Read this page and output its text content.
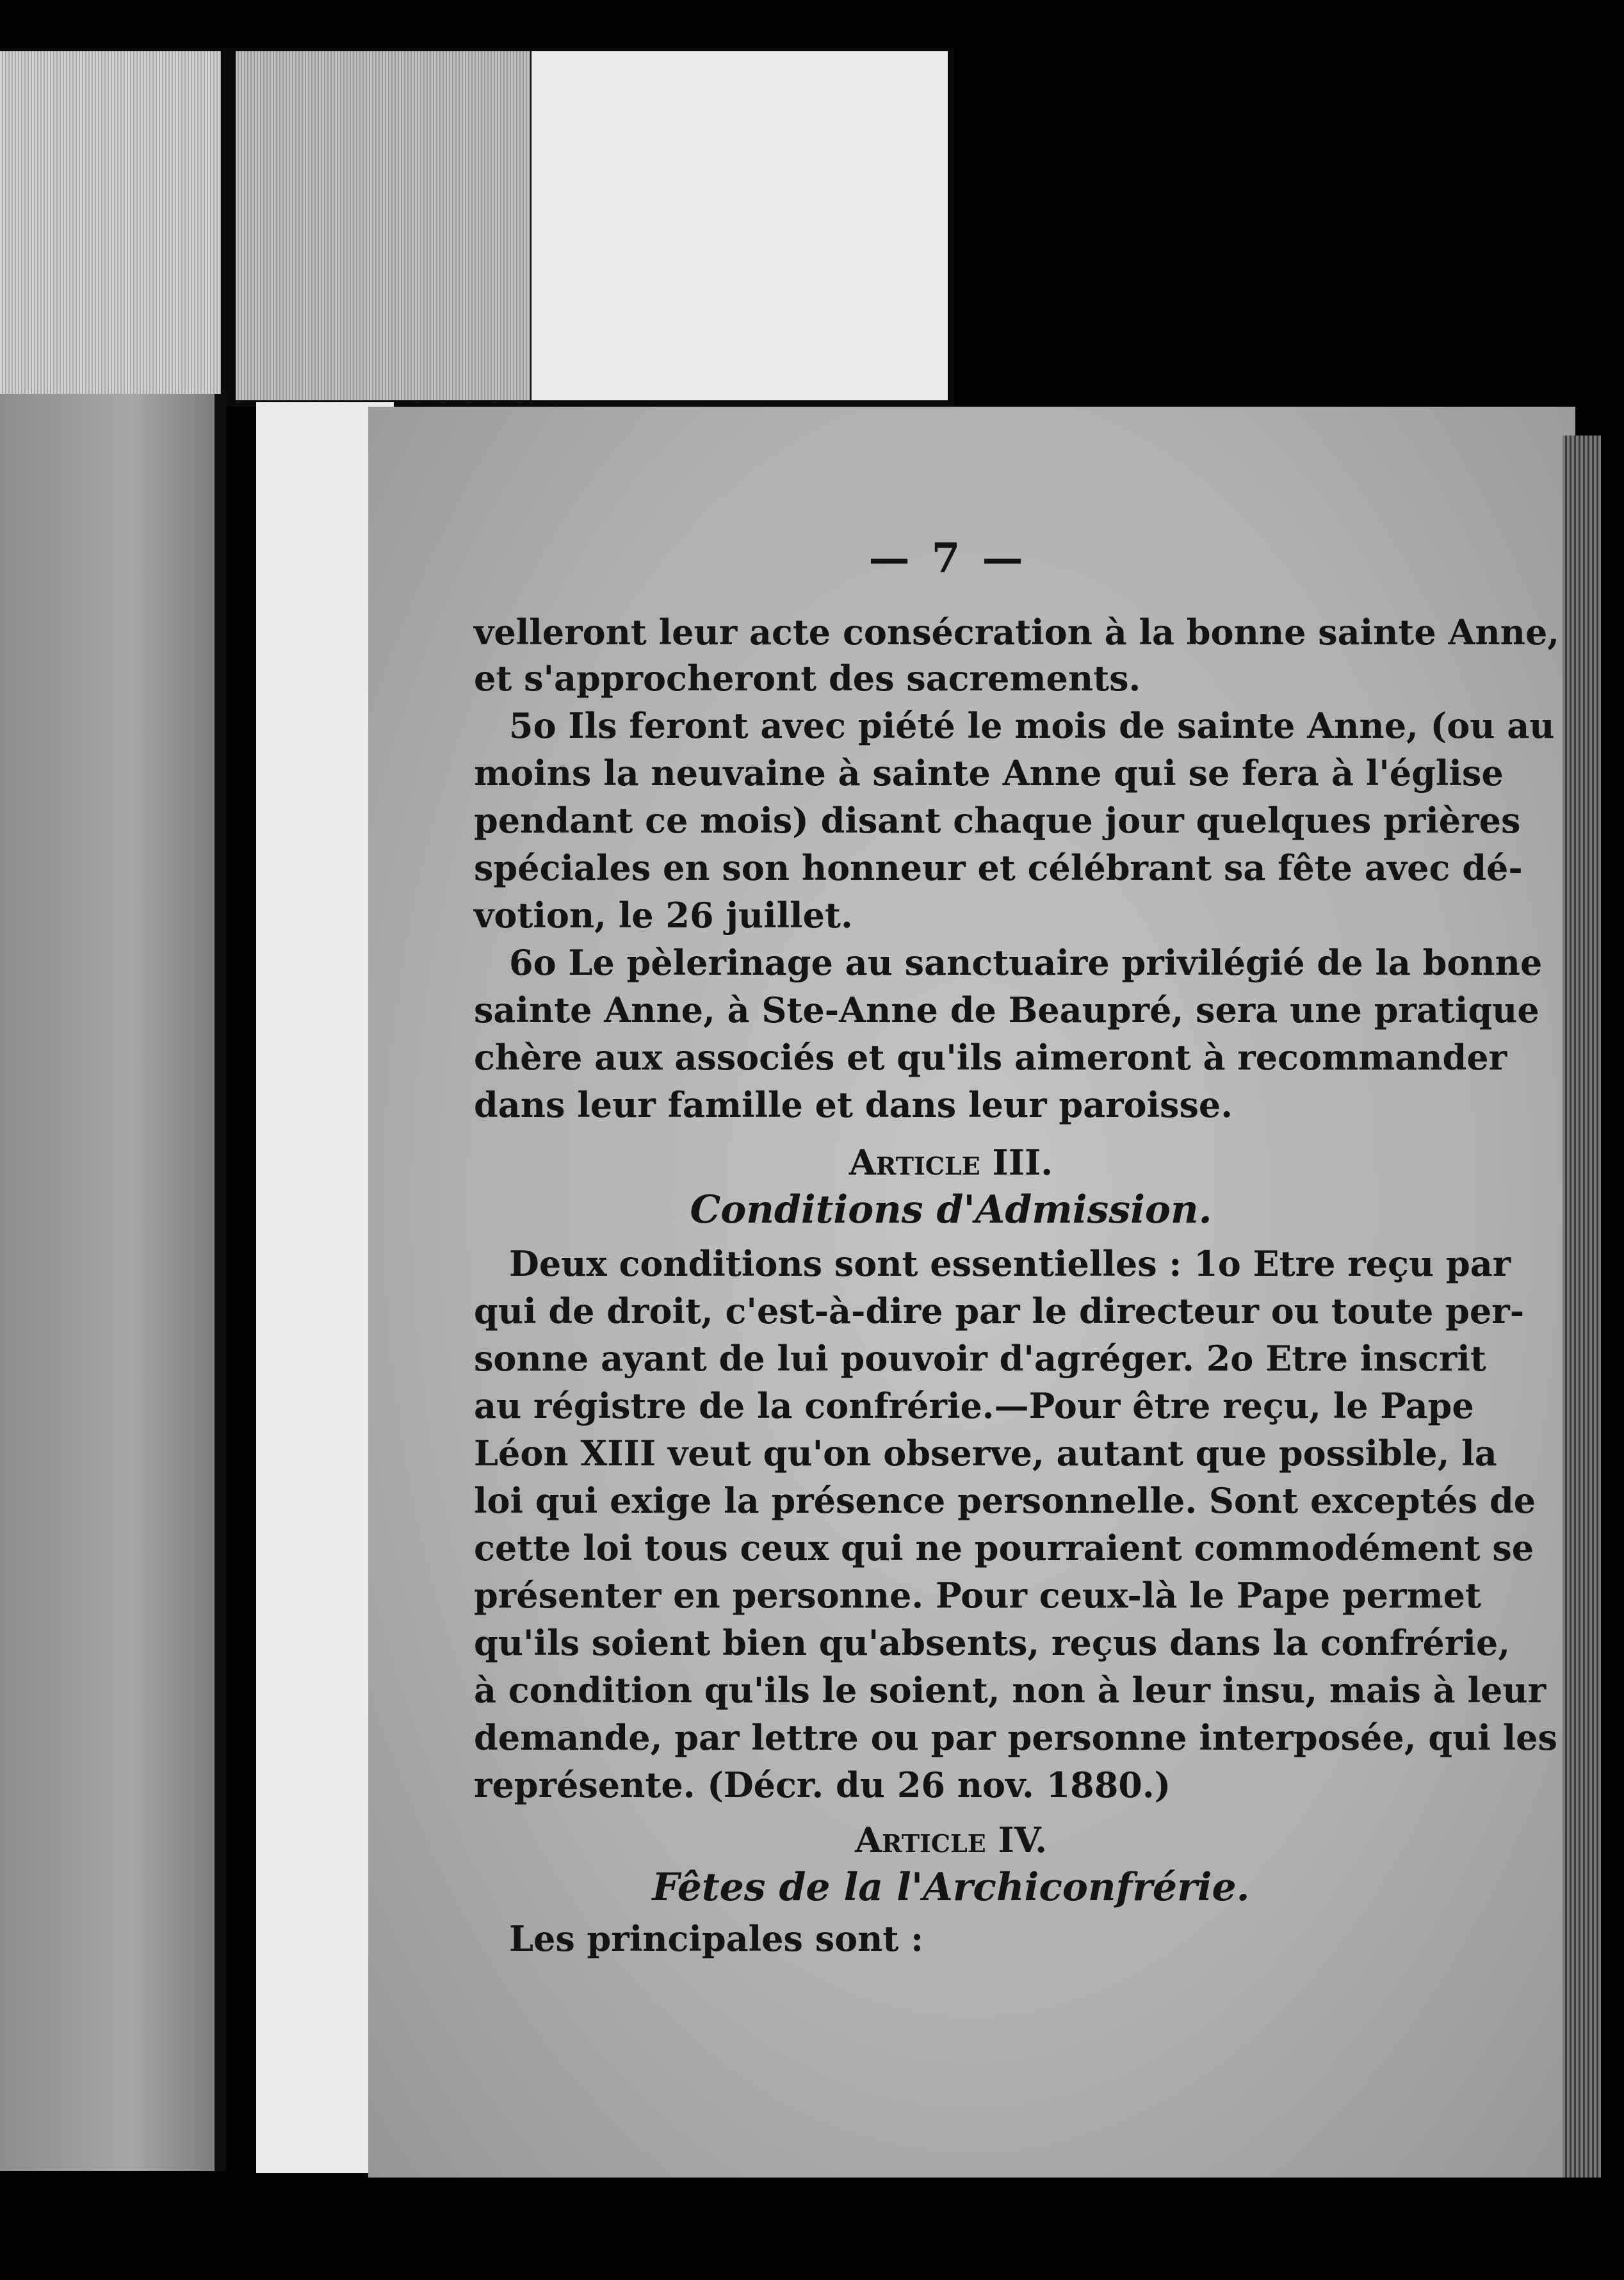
— 7 —
velleront leur acte consécration à la bonne sainte Anne,
et s'approcheront des sacrements.
5o Ils feront avec piété le mois de sainte Anne, (ou au
moins la neuvaine à sainte Anne qui se fera à l'église
pendant ce mois) disant chaque jour quelques prières
spéciales en son honneur et célébrant sa fête avec dé-
votion, le 26 juillet.
6o Le pèlerinage au sanctuaire privilégié de la bonne
sainte Anne, à Ste-Anne de Beaupré, sera une pratique
chère aux associés et qu'ils aimeront à recommander
dans leur famille et dans leur paroisse.
Article III.
Conditions d'Admission.
Deux conditions sont essentielles : 1o Etre reçu par
qui de droit, c'est-à-dire par le directeur ou toute per-
sonne ayant de lui pouvoir d'agréger. 2o Etre inscrit
au régistre de la confrérie.—Pour être reçu, le Pape
Léon XIII veut qu'on observe, autant que possible, la
loi qui exige la présence personnelle. Sont exceptés de
cette loi tous ceux qui ne pourraient commodément se
présenter en personne. Pour ceux-là le Pape permet
qu'ils soient bien qu'absents, reçus dans la confrérie,
à condition qu'ils le soient, non à leur insu, mais à leur
demande, par lettre ou par personne interposée, qui les
représente. (Décr. du 26 nov. 1880.)
Article IV.
Fêtes de la l'Archiconfrérie.
Les principales sont :
